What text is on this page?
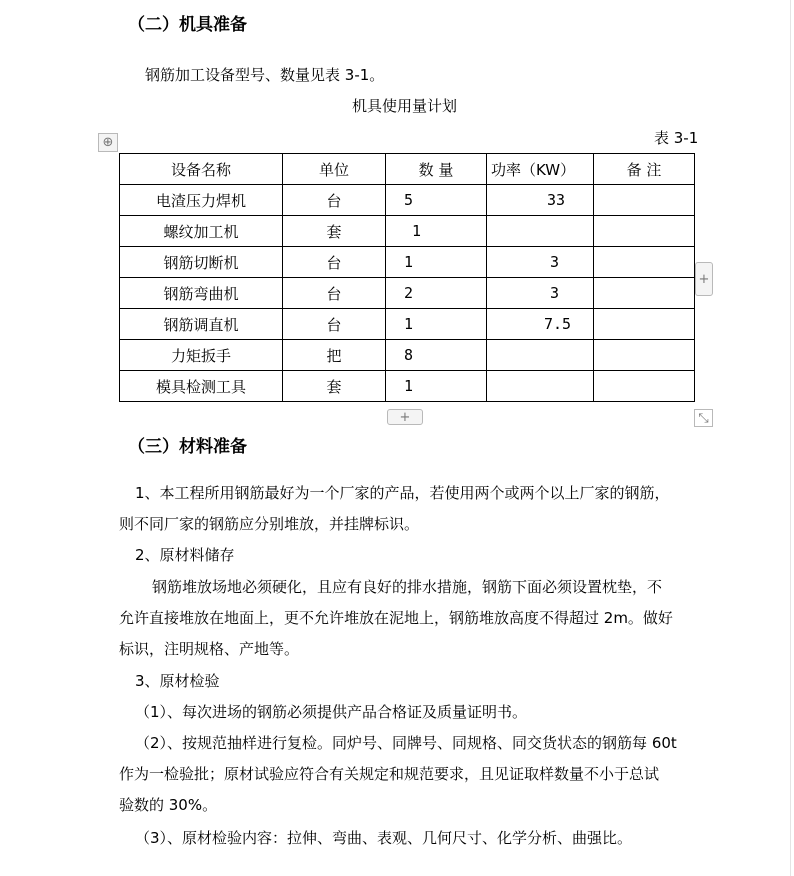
（二）机具准备
钢筋加工设备型号、数量见表 3-1。
机具使用量计划
表 3-1
⊕
设备名称	单位	数 量	功率（KW）	备 注
电渣压力焊机	台	5	33	
螺纹加工机	套	1		
钢筋切断机	台	1	3	
钢筋弯曲机	台	2	3	
钢筋调直机	台	1	7.5	
力矩扳手	把	8		
模具检测工具	套	1		
+
+	⤡
（三）材料准备
1、本工程所用钢筋最好为一个厂家的产品，若使用两个或两个以上厂家的钢筋，
则不同厂家的钢筋应分别堆放，并挂牌标识。
2、原材料储存
钢筋堆放场地必须硬化，且应有良好的排水措施，钢筋下面必须设置枕垫，不
允许直接堆放在地面上，更不允许堆放在泥地上，钢筋堆放高度不得超过 2m。做好
标识，注明规格、产地等。
3、原材检验
（1）、每次进场的钢筋必须提供产品合格证及质量证明书。
（2）、按规范抽样进行复检。同炉号、同牌号、同规格、同交货状态的钢筋每 60t
作为一检验批；原材试验应符合有关规定和规范要求，且见证取样数量不小于总试
验数的 30%。
（3）、原材检验内容：拉伸、弯曲、表观、几何尺寸、化学分析、曲强比。
